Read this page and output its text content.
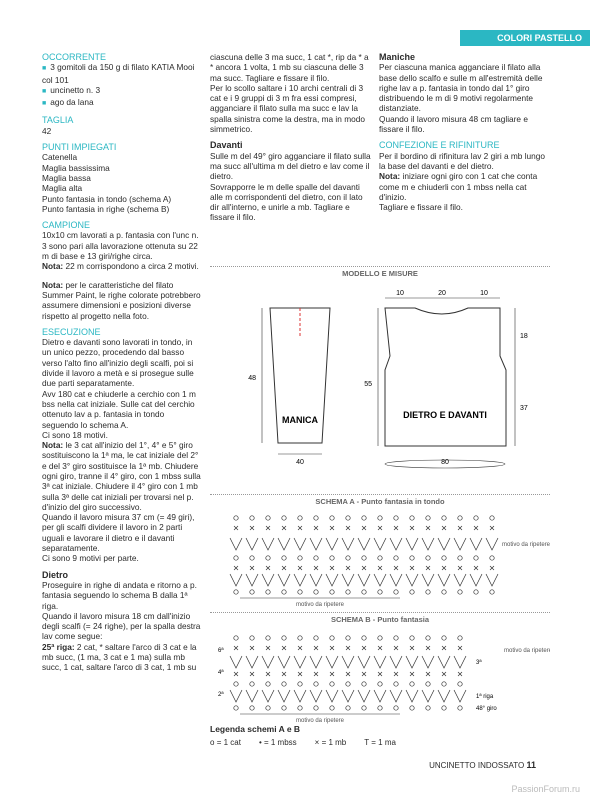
COLORI PASTELLO

OCCORRENTE

■ 3 gomitoli da 150 g di filato KATIA Mooi col 101

■ uncinetto n. 3

■ ago da lana

TAGLIA

42

PUNTI IMPIEGATI

Catenella

Maglia bassissima

Maglia bassa

Maglia alta

Punto fantasia in tondo (schema A)

Punto fantasia in righe (schema B)

CAMPIONE

10x10 cm lavorati a p. fantasia con l'unc n. 3 sono pari alla lavorazione ottenuta su 22 m di base e 13 giri/righe circa.

Nota: 22 m corrispondono a circa 2 motivi.

Nota: per le caratteristiche del filato Summer Paint, le righe colorate potrebbero assumere dimensioni e posizioni diverse rispetto al progetto nella foto.

ESECUZIONE

Dietro e davanti sono lavorati in tondo, in un unico pezzo, procedendo dal basso verso l'alto fino all'inizio degli scalfi, poi si divide il lavoro a metà e si prosegue sulle due parti separatamente.

Avv 180 cat e chiuderle a cerchio con 1 m bss nella cat iniziale. Sulle cat del cerchio ottenuto lav a p. fantasia in tondo seguendo lo schema A.

Ci sono 18 motivi.

Nota: le 3 cat all'inizio del 1°, 4° e 5° giro sostituiscono la 1ª ma, le cat iniziale del 2° e del 3° giro sostituisce la 1ª mb. Chiudere ogni giro, tranne il 4° giro, con 1 mbss sulla 3ª cat iniziale. Chiudere il 4° giro con 1 mb sulla 3ª delle cat iniziali per trovarsi nel p. d'inizio del giro successivo.

Quando il lavoro misura 37 cm (= 49 giri), per gli scalfi dividere il lavoro in 2 parti uguali e lavorare il dietro e il davanti separatamente.

Ci sono 9 motivi per parte.

Dietro

Proseguire in righe di andata e ritorno a p. fantasia seguendo lo schema B dalla 1ª riga.

Quando il lavoro misura 18 cm dall'inizio degli scalfi (= 24 righe), per la spalla destra lav come segue:

25ª riga: 2 cat, * saltare l'arco di 3 cat e la mb succ, (1 ma, 3 cat e 1 ma) sulla mb succ, 1 cat, saltare l'arco di 3 cat, 1 mb su

ciascuna delle 3 ma succ, 1 cat *, rip da * a * ancora 1 volta, 1 mb su ciascuna delle 3 ma succ. Tagliare e fissare il filo.

Per lo scollo saltare i 10 archi centrali di 3 cat e i 9 gruppi di 3 m fra essi compresi, agganciare il filato sulla ma succ e lav la spalla sinistra come la destra, ma in modo simmetrico.

Davanti

Sulle m del 49° giro agganciare il filato sulla ma succ all'ultima m del dietro e lav come il dietro.

Sovrapporre le m delle spalle del davanti alle m corrispondenti del dietro, con il lato dir all'interno, e unirle a mb. Tagliare e fissare il filo.

Maniche

Per ciascuna manica agganciare il filato alla base dello scalfo e sulle m all'estremità delle righe lav a p. fantasia in tondo dal 1° giro distribuendo le m di 9 motivi regolarmente distanziate.

Quando il lavoro misura 48 cm tagliare e fissare il filo.

CONFEZIONE E RIFINITURE

Per il bordino di rifinitura lav 2 giri a mb lungo la base del davanti e del dietro.

Nota: iniziare ogni giro con 1 cat che conta come m e chiuderli con 1 mbss nella cat d'inizio.

Tagliare e fissare il filo.

MODELLO E MISURE
48
40
MANICA
10	20	10
18
37
55
80
DIETRO E DAVANTI
SCHEMA A - Punto fantasia in tondo
motivo da ripetere
motivo da ripetere
SCHEMA B - Punto fantasia
6ª
4ª
2ª
3ª
1ª riga
48° giro
motivo da ripetere
motivo da ripetere
Legenda schemi A e B
o = 1 cat • = 1 mbss × = 1 mb T = 1 ma
UNCINETTO INDOSSATO 11
PassionForum.ru
